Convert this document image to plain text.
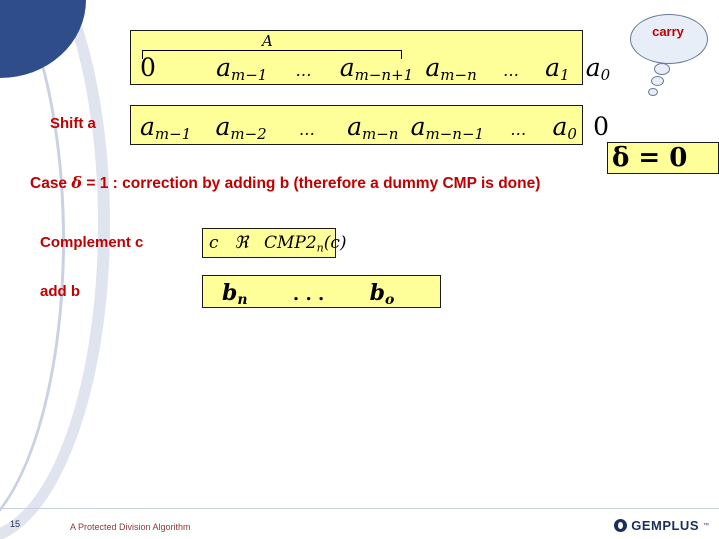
A
0 am−1 … am−n+1 am−n … a1 a0
carry
Shift a am−1 am−2 … am−n am−n−1 … a0 0
δ = 0
Case δ = 1 : correction by adding b (therefore a dummy CMP is done)
Complement c	c ℜ $CMP2_n(c)$
add b	$b_n$	. . . $b_o$
15	A Protected Division Algorithm	GEMPLUS ™
